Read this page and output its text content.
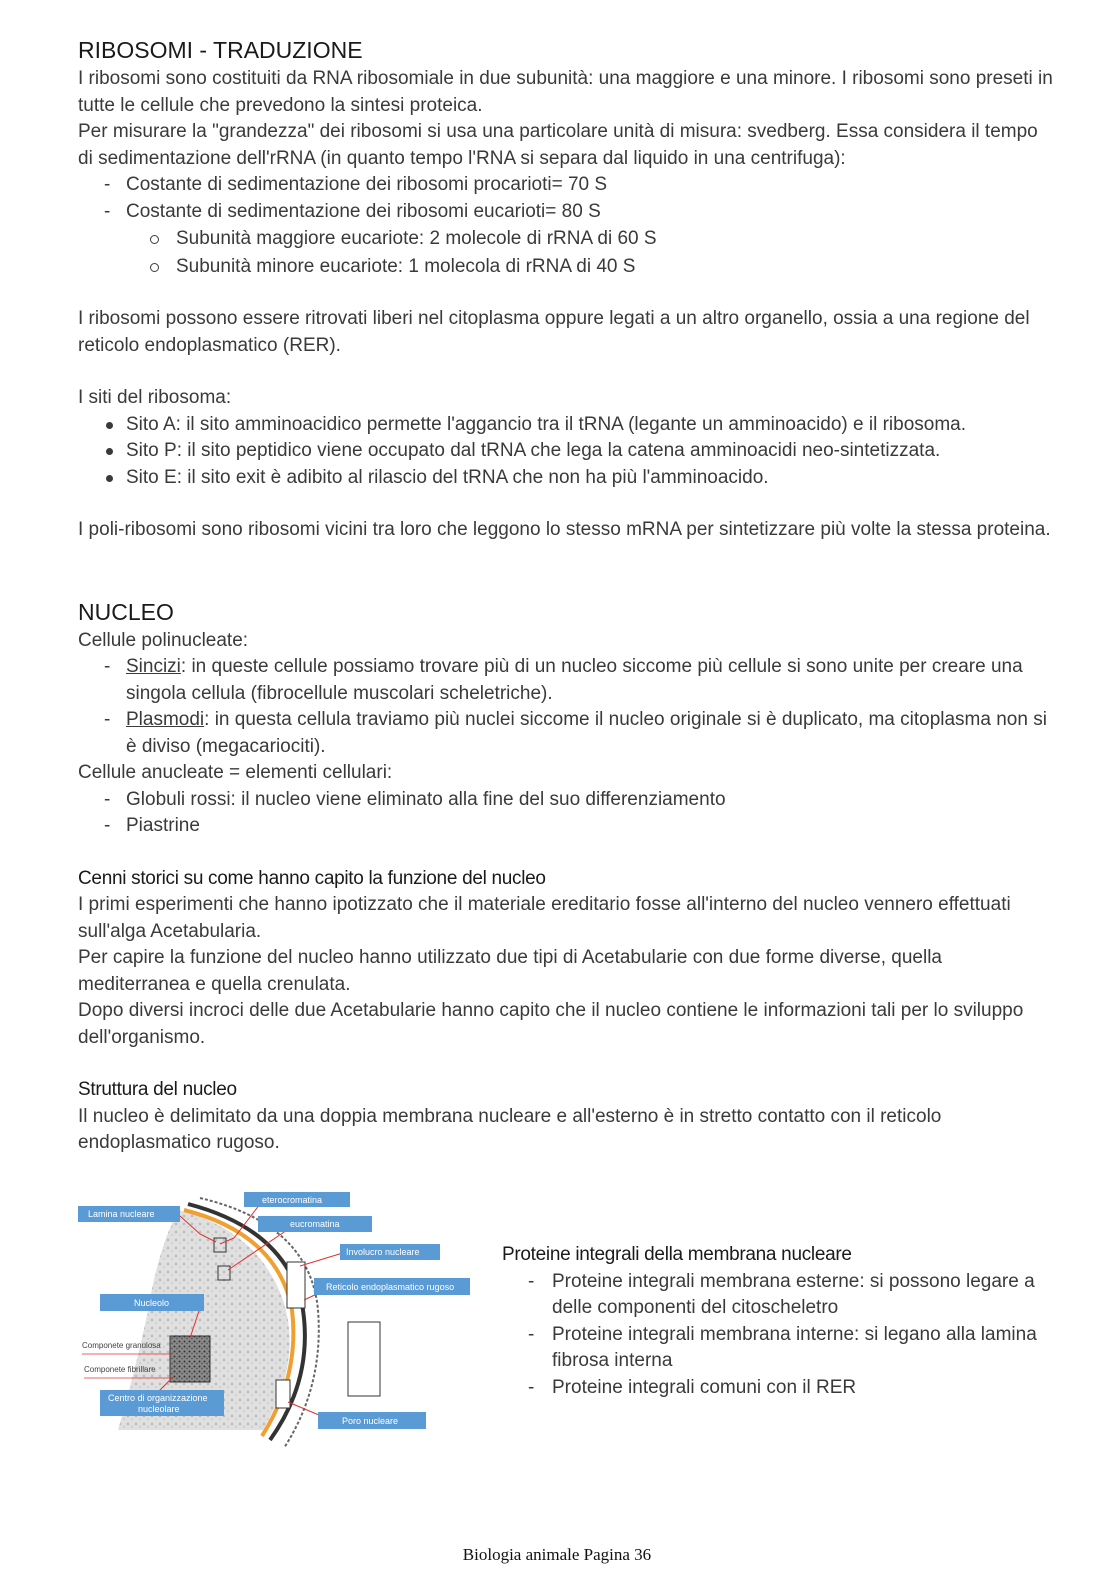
RIBOSOMI - TRADUZIONE

I ribosomi sono costituiti da RNA ribosomiale in due subunità: una maggiore e una minore. I ribosomi sono preseti in tutte le cellule che prevedono la sintesi proteica.

Per misurare la "grandezza" dei ribosomi si usa una particolare unità di misura: svedberg. Essa considera il tempo di sedimentazione dell'rRNA (in quanto tempo l'RNA si separa dal liquido in una centrifuga):

- Costante di sedimentazione dei ribosomi procarioti= 70 S
- Costante di sedimentazione dei ribosomi eucarioti= 80 S
Subunità maggiore eucariote: 2 molecole di rRNA di 60 S
Subunità minore eucariote: 1 molecola di rRNA di 40 S

I ribosomi possono essere ritrovati liberi nel citoplasma oppure legati a un altro organello, ossia a una regione del reticolo endoplasmatico (RER).

I siti del ribosoma:

Sito A: il sito amminoacidico permette l'aggancio tra il tRNA (legante un amminoacido) e il ribosoma.
Sito P: il sito peptidico viene occupato dal tRNA che lega la catena amminoacidi neo-sintetizzata.
Sito E: il sito exit è adibito al rilascio del tRNA che non ha più l'amminoacido.

I poli-ribosomi sono ribosomi vicini tra loro che leggono lo stesso mRNA per sintetizzare più volte la stessa proteina.

NUCLEO

Cellule polinucleate:

- Sincizi: in queste cellule possiamo trovare più di un nucleo siccome più cellule si sono unite per creare una singola cellula (fibrocellule muscolari scheletriche).
- Plasmodi: in questa cellula traviamo più nuclei siccome il nucleo originale si è duplicato, ma citoplasma non si è diviso (megacariociti).

Cellule anucleate = elementi cellulari:

- Globuli rossi: il nucleo viene eliminato alla fine del suo differenziamento
- Piastrine
Cenni storici su come hanno capito la funzione del nucleo

I primi esperimenti che hanno ipotizzato che il materiale ereditario fosse all'interno del nucleo vennero effettuati sull'alga Acetabularia.

Per capire la funzione del nucleo hanno utilizzato due tipi di Acetabularie con due forme diverse, quella mediterranea e quella crenulata.

Dopo diversi incroci delle due Acetabularie hanno capito che il nucleo contiene le informazioni tali per lo sviluppo dell'organismo.

Struttura del nucleo

Il nucleo è delimitato da una doppia membrana nucleare e all'esterno è in stretto contatto con il reticolo endoplasmatico rugoso.

Lamina nucleare
eterocromatina
eucromatina
Involucro nucleare
Reticolo endoplasmatico rugoso
Nucleolo
Componete granulosa
Componete fibrillare
Centro di organizzazione
nucleolare
Poro nucleare
Proteine integrali della membrana nucleare
- Proteine integrali membrana esterne: si possono legare a delle componenti del citoscheletro
- Proteine integrali membrana interne: si legano alla lamina fibrosa interna
- Proteine integrali comuni con il RER
Biologia animale Pagina 36
